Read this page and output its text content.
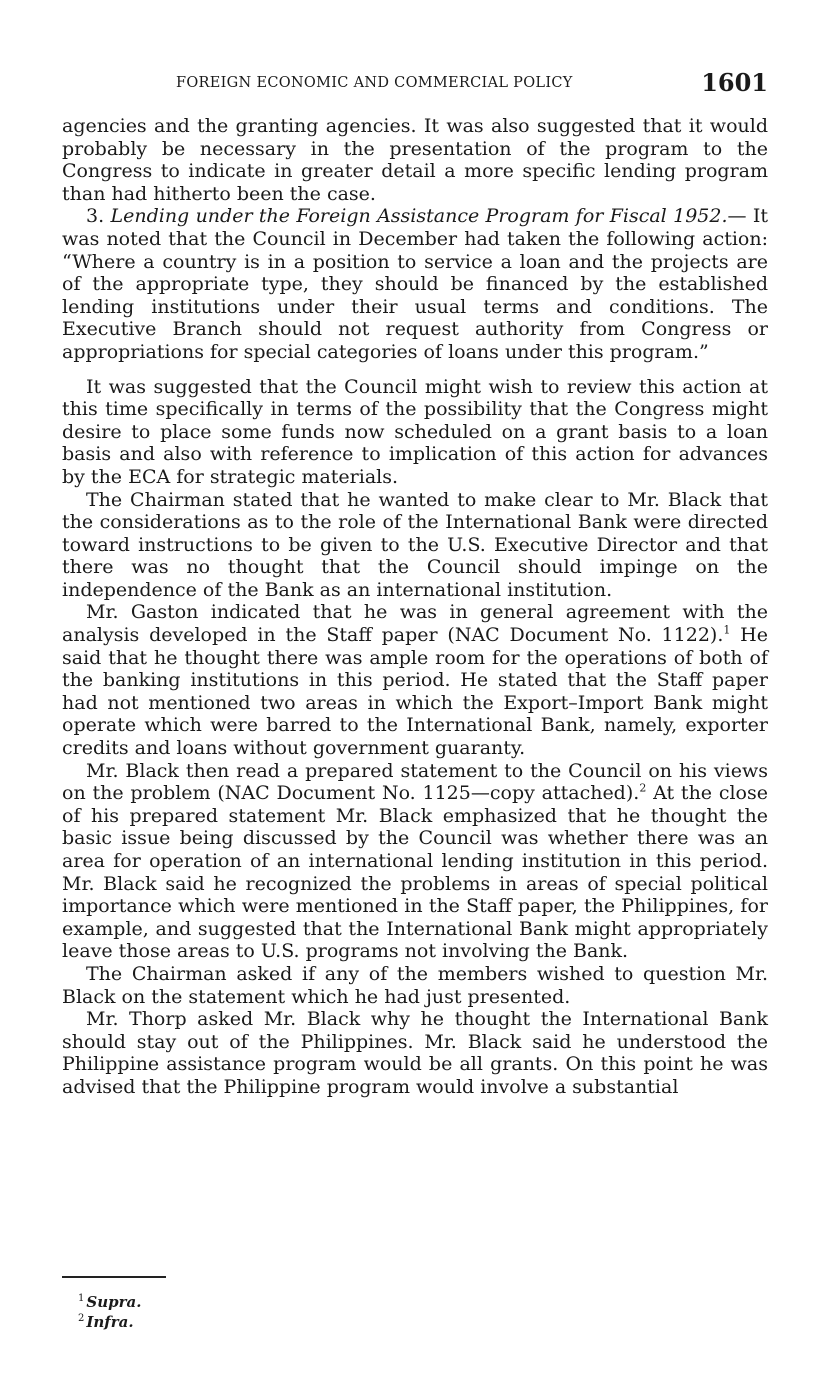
FOREIGN ECONOMIC AND COMMERCIAL POLICY	1601

agencies and the granting agencies. It was also suggested that it would probably be necessary in the presentation of the program to the Congress to indicate in greater detail a more specific lending program than had hitherto been the case.

3. Lending under the Foreign Assistance Program for Fiscal 1952.— It was noted that the Council in December had taken the following action: “Where a country is in a position to service a loan and the projects are of the appropriate type, they should be financed by the established lending institutions under their usual terms and conditions. The Executive Branch should not request authority from Congress or appropriations for special categories of loans under this program.”

It was suggested that the Council might wish to review this action at this time specifically in terms of the possibility that the Congress might desire to place some funds now scheduled on a grant basis to a loan basis and also with reference to implication of this action for advances by the ECA for strategic materials.

The Chairman stated that he wanted to make clear to Mr. Black that the considerations as to the role of the International Bank were directed toward instructions to be given to the U.S. Executive Director and that there was no thought that the Council should impinge on the independence of the Bank as an international institution.

Mr. Gaston indicated that he was in general agreement with the analysis developed in the Staff paper (NAC Document No. 1122).$^1$ He said that he thought there was ample room for the operations of both of the banking institutions in this period. He stated that the Staff paper had not mentioned two areas in which the Export–Import Bank might operate which were barred to the International Bank, namely, exporter credits and loans without government guaranty.

Mr. Black then read a prepared statement to the Council on his views on the problem (NAC Document No. 1125—copy attached).$^2$ At the close of his prepared statement Mr. Black emphasized that he thought the basic issue being discussed by the Council was whether there was an area for operation of an international lending institution in this period. Mr. Black said he recognized the problems in areas of special political importance which were mentioned in the Staff paper, the Philippines, for example, and suggested that the International Bank might appropriately leave those areas to U.S. programs not involving the Bank.

The Chairman asked if any of the members wished to question Mr. Black on the statement which he had just presented.

Mr. Thorp asked Mr. Black why he thought the International Bank should stay out of the Philippines. Mr. Black said he understood the Philippine assistance program would be all grants. On this point he was advised that the Philippine program would involve a substantial

$^1$ Supra.
$^2$ Infra.
